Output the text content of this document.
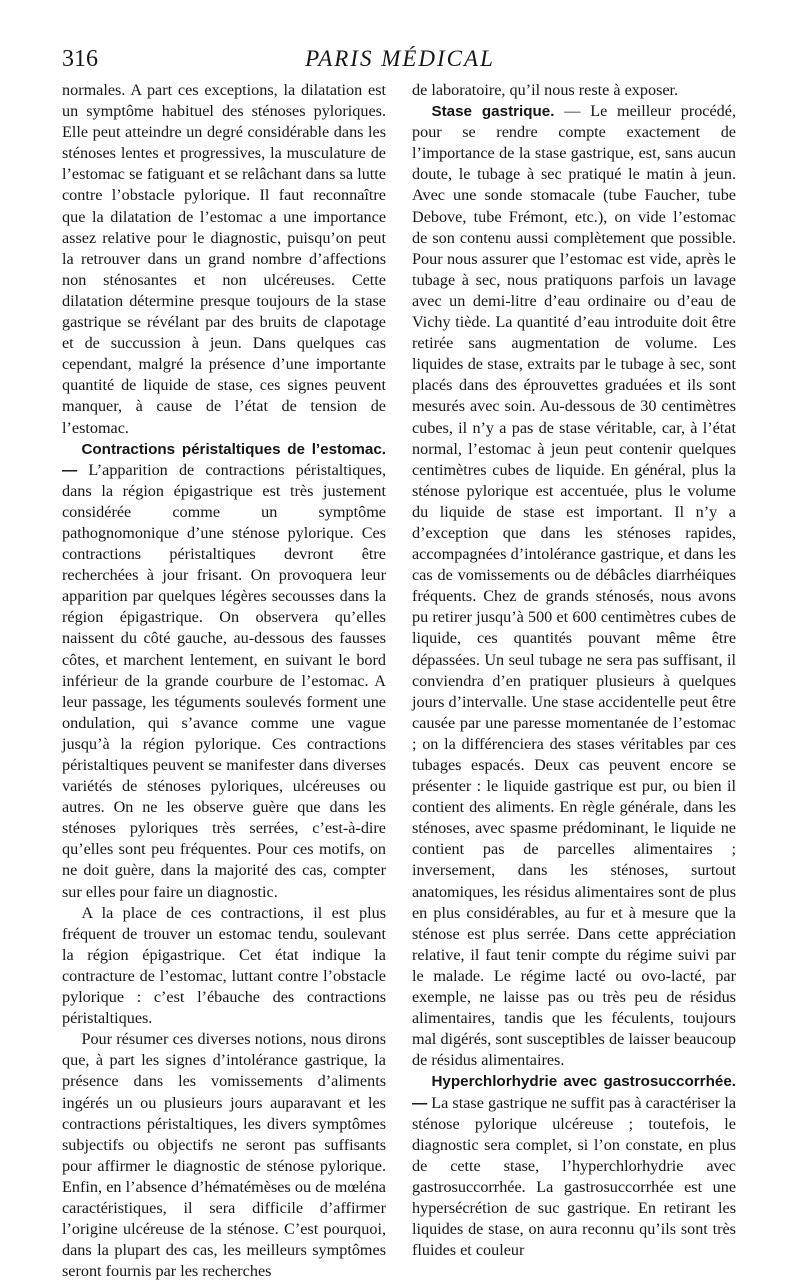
316	PARIS MÉDICAL

normales. A part ces exceptions, la dilatation est un symptôme habituel des sténoses pyloriques. Elle peut atteindre un degré considérable dans les sténoses lentes et progressives, la musculature de l’estomac se fatiguant et se relâchant dans sa lutte contre l’obstacle pylorique. Il faut reconnaître que la dilatation de l’estomac a une importance assez relative pour le diagnostic, puisqu’on peut la retrouver dans un grand nombre d’affections non sténosantes et non ulcéreuses. Cette dilatation détermine presque toujours de la stase gastrique se révélant par des bruits de clapotage et de succussion à jeun. Dans quelques cas cependant, malgré la présence d’une importante quantité de liquide de stase, ces signes peuvent manquer, à cause de l’état de tension de l’estomac.

Contractions péristaltiques de l’estomac. — L’apparition de contractions péristaltiques, dans la région épigastrique est très justement considérée comme un symptôme pathognomonique d’une sténose pylorique. Ces contractions péristaltiques devront être recherchées à jour frisant. On provoquera leur apparition par quelques légères secousses dans la région épigastrique. On observera qu’elles naissent du côté gauche, au-dessous des fausses côtes, et marchent lentement, en suivant le bord inférieur de la grande courbure de l’estomac. A leur passage, les téguments soulevés forment une ondulation, qui s’avance comme une vague jusqu’à la région pylorique. Ces contractions péristaltiques peuvent se manifester dans diverses variétés de sténoses pyloriques, ulcéreuses ou autres. On ne les observe guère que dans les sténoses pyloriques très serrées, c’est-à-dire qu’elles sont peu fréquentes. Pour ces motifs, on ne doit guère, dans la majorité des cas, compter sur elles pour faire un diagnostic.

A la place de ces contractions, il est plus fréquent de trouver un estomac tendu, soulevant la région épigastrique. Cet état indique la contracture de l’estomac, luttant contre l’obstacle pylorique : c’est l’ébauche des contractions péristaltiques.

Pour résumer ces diverses notions, nous dirons que, à part les signes d’intolérance gastrique, la présence dans les vomissements d’aliments ingérés un ou plusieurs jours auparavant et les contractions péristaltiques, les divers symptômes subjectifs ou objectifs ne seront pas suffisants pour affirmer le diagnostic de sténose pylorique. Enfin, en l’absence d’hématémèses ou de mœléna caractéristiques, il sera difficile d’affirmer l’origine ulcéreuse de la sténose. C’est pourquoi, dans la plupart des cas, les meilleurs symptômes seront fournis par les recherches

de laboratoire, qu’il nous reste à exposer.

Stase gastrique. — Le meilleur procédé, pour se rendre compte exactement de l’importance de la stase gastrique, est, sans aucun doute, le tubage à sec pratiqué le matin à jeun. Avec une sonde stomacale (tube Faucher, tube Debove, tube Frémont, etc.), on vide l’estomac de son contenu aussi complètement que possible. Pour nous assurer que l’estomac est vide, après le tubage à sec, nous pratiquons parfois un lavage avec un demi-litre d’eau ordinaire ou d’eau de Vichy tiède. La quantité d’eau introduite doit être retirée sans augmentation de volume. Les liquides de stase, extraits par le tubage à sec, sont placés dans des éprouvettes graduées et ils sont mesurés avec soin. Au-dessous de 30 centimètres cubes, il n’y a pas de stase véritable, car, à l’état normal, l’estomac à jeun peut contenir quelques centimètres cubes de liquide. En général, plus la sténose pylorique est accentuée, plus le volume du liquide de stase est important. Il n’y a d’exception que dans les sténoses rapides, accompagnées d’intolérance gastrique, et dans les cas de vomissements ou de débâcles diarrhéiques fréquents. Chez de grands sténosés, nous avons pu retirer jusqu’à 500 et 600 centimètres cubes de liquide, ces quantités pouvant même être dépassées. Un seul tubage ne sera pas suffisant, il conviendra d’en pratiquer plusieurs à quelques jours d’intervalle. Une stase accidentelle peut être causée par une paresse momentanée de l’estomac ; on la différenciera des stases véritables par ces tubages espacés. Deux cas peuvent encore se présenter : le liquide gastrique est pur, ou bien il contient des aliments. En règle générale, dans les sténoses, avec spasme prédominant, le liquide ne contient pas de parcelles alimentaires ; inversement, dans les sténoses, surtout anatomiques, les résidus alimentaires sont de plus en plus considérables, au fur et à mesure que la sténose est plus serrée. Dans cette appréciation relative, il faut tenir compte du régime suivi par le malade. Le régime lacté ou ovo-lacté, par exemple, ne laisse pas ou très peu de résidus alimentaires, tandis que les féculents, toujours mal digérés, sont susceptibles de laisser beaucoup de résidus alimentaires.

Hyperchlorhydrie avec gastrosuccorrhée. — La stase gastrique ne suffit pas à caractériser la sténose pylorique ulcéreuse ; toutefois, le diagnostic sera complet, si l’on constate, en plus de cette stase, l’hyperchlorhydrie avec gastrosuccorrhée. La gastrosuccorrhée est une hypersécrétion de suc gastrique. En retirant les liquides de stase, on aura reconnu qu’ils sont très fluides et couleur
